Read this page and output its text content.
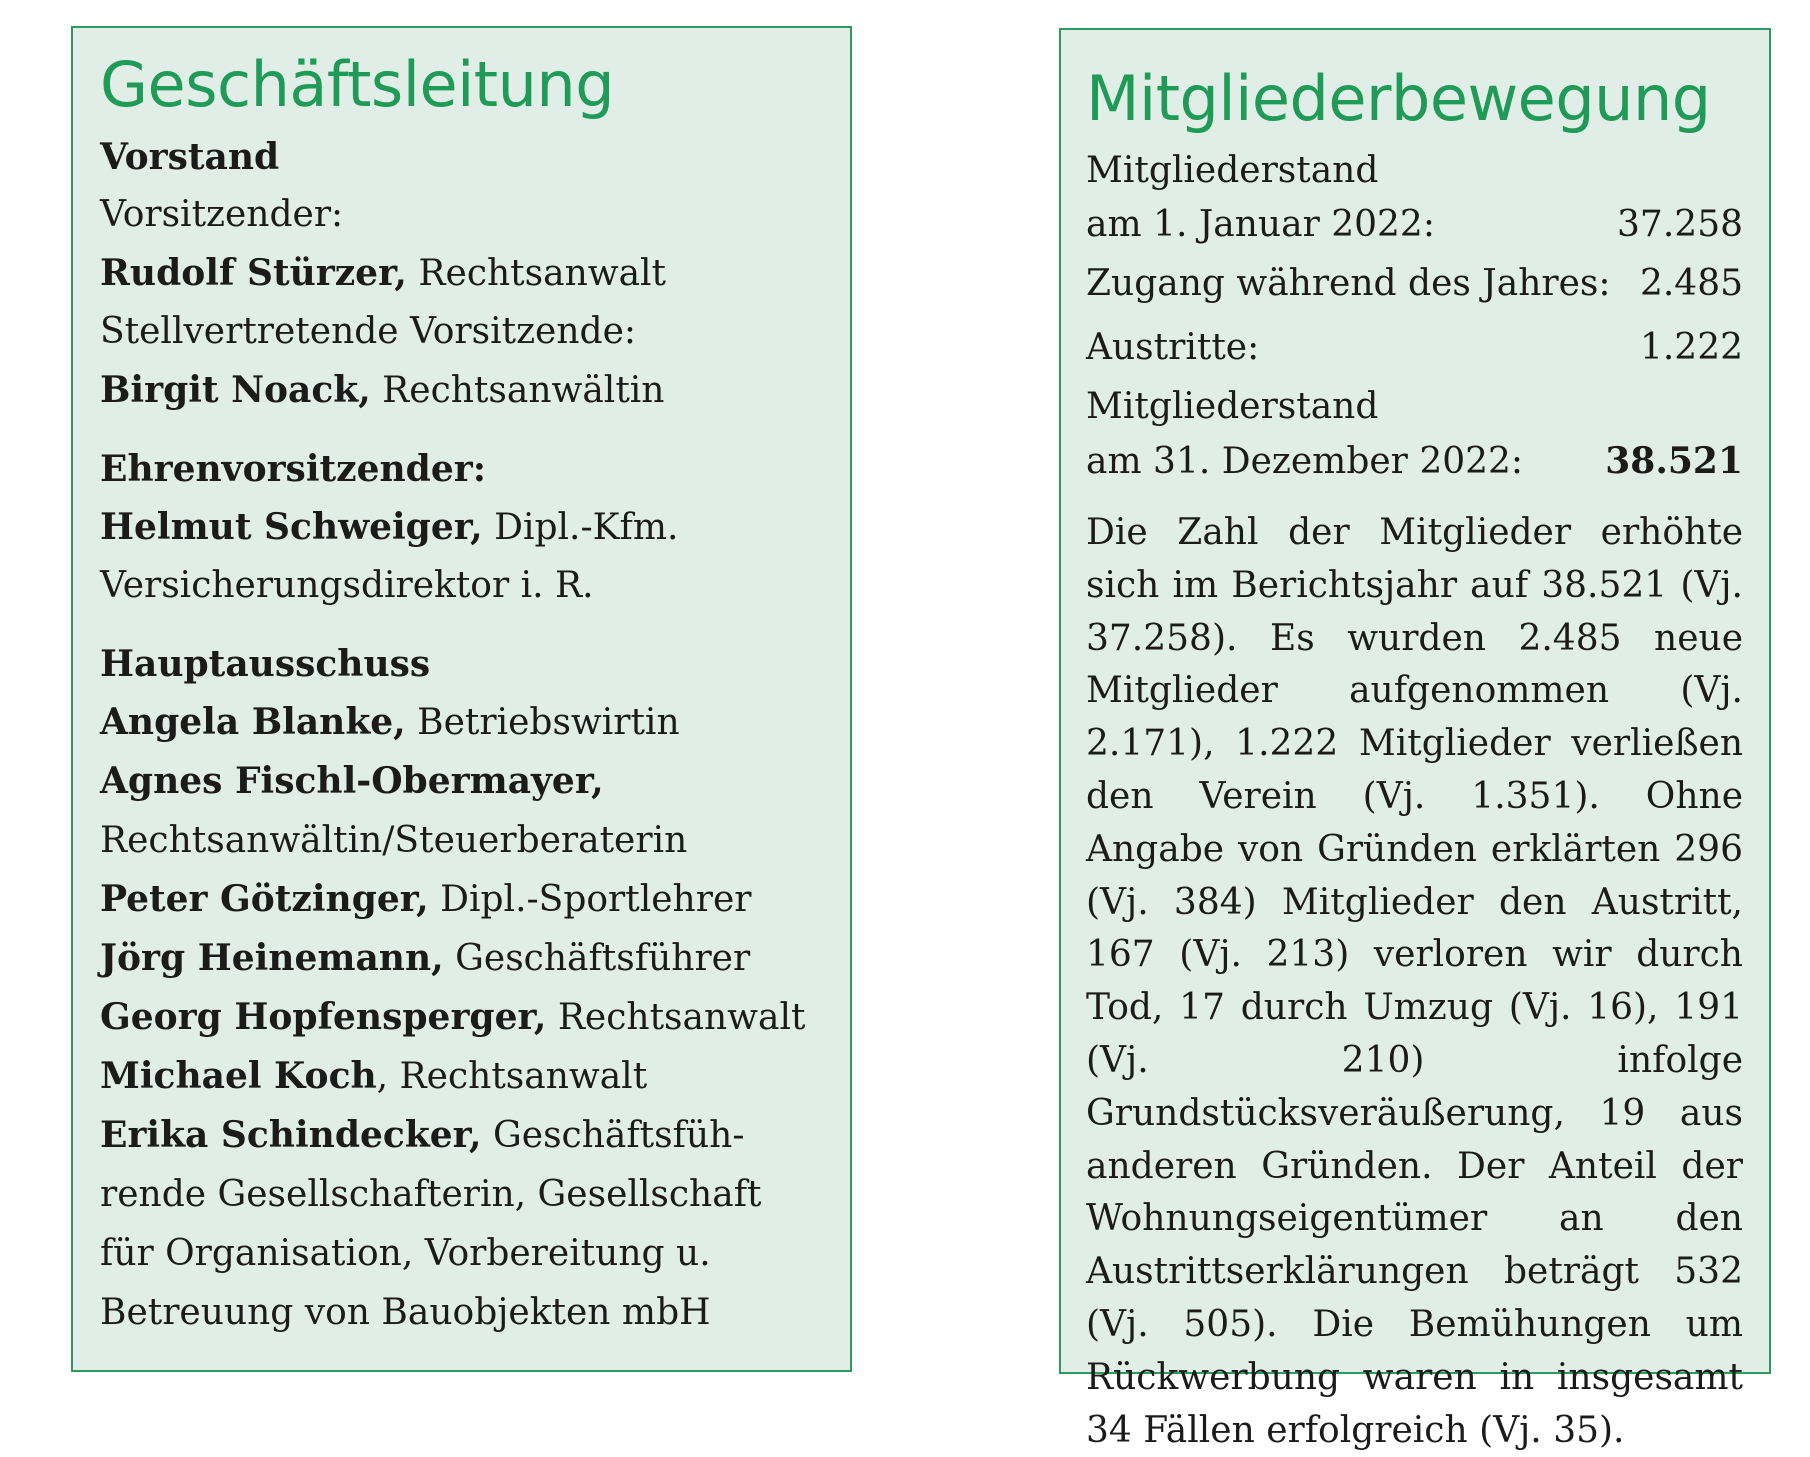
Geschäftsleitung
Vorstand
Vorsitzender:
Rudolf Stürzer, Rechtsanwalt
Stellvertretende Vorsitzende:
Birgit Noack, Rechtsanwältin
Ehrenvorsitzender:
Helmut Schweiger, Dipl.-Kfm.
Versicherungsdirektor i. R.
Hauptausschuss
Angela Blanke, Betriebswirtin
Agnes Fischl-Obermayer,
Rechtsanwältin/Steuerberaterin
Peter Götzinger, Dipl.-Sportlehrer
Jörg Heinemann, Geschäftsführer
Georg Hopfensperger, Rechtsanwalt
Michael Koch, Rechtsanwalt
Erika Schindecker, Geschäftsfüh-
rende Gesellschafterin, Gesellschaft
für Organisation, Vorbereitung u.
Betreuung von Bauobjekten mbH
Mitgliederbewegung
Mitgliederstand
am 1. Januar 2022:	37.258
Zugang während des Jahres: 2.485
Austritte:	1.222
Mitgliederstand
am 31. Dezember 2022: 38.521

Die Zahl der Mitglieder erhöhte sich im Berichtsjahr auf 38.521 (Vj. 37.258). Es wurden 2.485 neue Mitglieder aufgenommen (Vj. 2.171), 1.222 Mitglieder verließen den Verein (Vj. 1.351). Ohne Angabe von Gründen erklärten 296 (Vj. 384) Mitglieder den Austritt, 167 (Vj. 213) verloren wir durch Tod, 17 durch Umzug (Vj. 16), 191 (Vj. 210) infolge Grundstücksveräußerung, 19 aus anderen Gründen. Der Anteil der Wohnungseigentümer an den Austrittserklärungen beträgt 532 (Vj. 505). Die Bemühungen um Rückwerbung waren in insgesamt 34 Fällen erfolgreich (Vj. 35).
